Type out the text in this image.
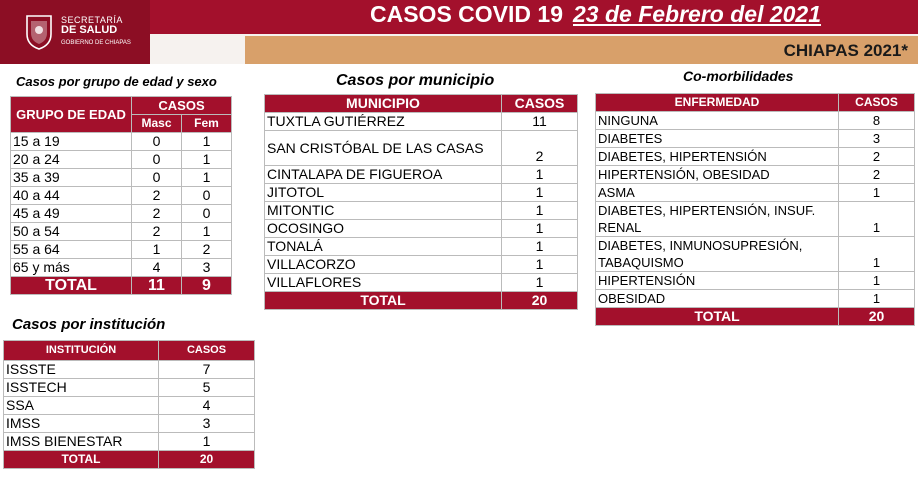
SECRETARÍA
DE SALUD
GOBIERNO DE CHIAPAS
CASOS COVID 19 23 de Febrero del 2021
CHIAPAS 2021*
Casos por grupo de edad y sexo
GRUPO DE EDAD	CASOS	
	Masc	Fem
15 a 19	0	1
20 a 24	0	1
35 a 39	0	1
40 a 44	2	0
45 a 49	2	0
50 a 54	2	1
55 a 64	1	2
65 y más	4	3
TOTAL	11	9
Casos por municipio
MUNICIPIO	CASOS
TUXTLA GUTIÉRREZ	11
SAN CRISTÓBAL DE LAS CASAS	2
CINTALAPA DE FIGUEROA	1
JITOTOL	1
MITONTIC	1
OCOSINGO	1
TONALÁ	1
VILLACORZO	1
VILLAFLORES	1
TOTAL	20
Co-morbilidades
ENFERMEDAD	CASOS
NINGUNA	8
DIABETES	3
DIABETES, HIPERTENSIÓN	2
HIPERTENSIÓN, OBESIDAD	2
ASMA	1
DIABETES, HIPERTENSIÓN, INSUF. RENAL	1
DIABETES, INMUNOSUPRESIÓN, TABAQUISMO	1
HIPERTENSIÓN	1
OBESIDAD	1
TOTAL	20
Casos por institución
INSTITUCIÓN	CASOS
ISSSTE	7
ISSTECH	5
SSA	4
IMSS	3
IMSS BIENESTAR	1
TOTAL	20
